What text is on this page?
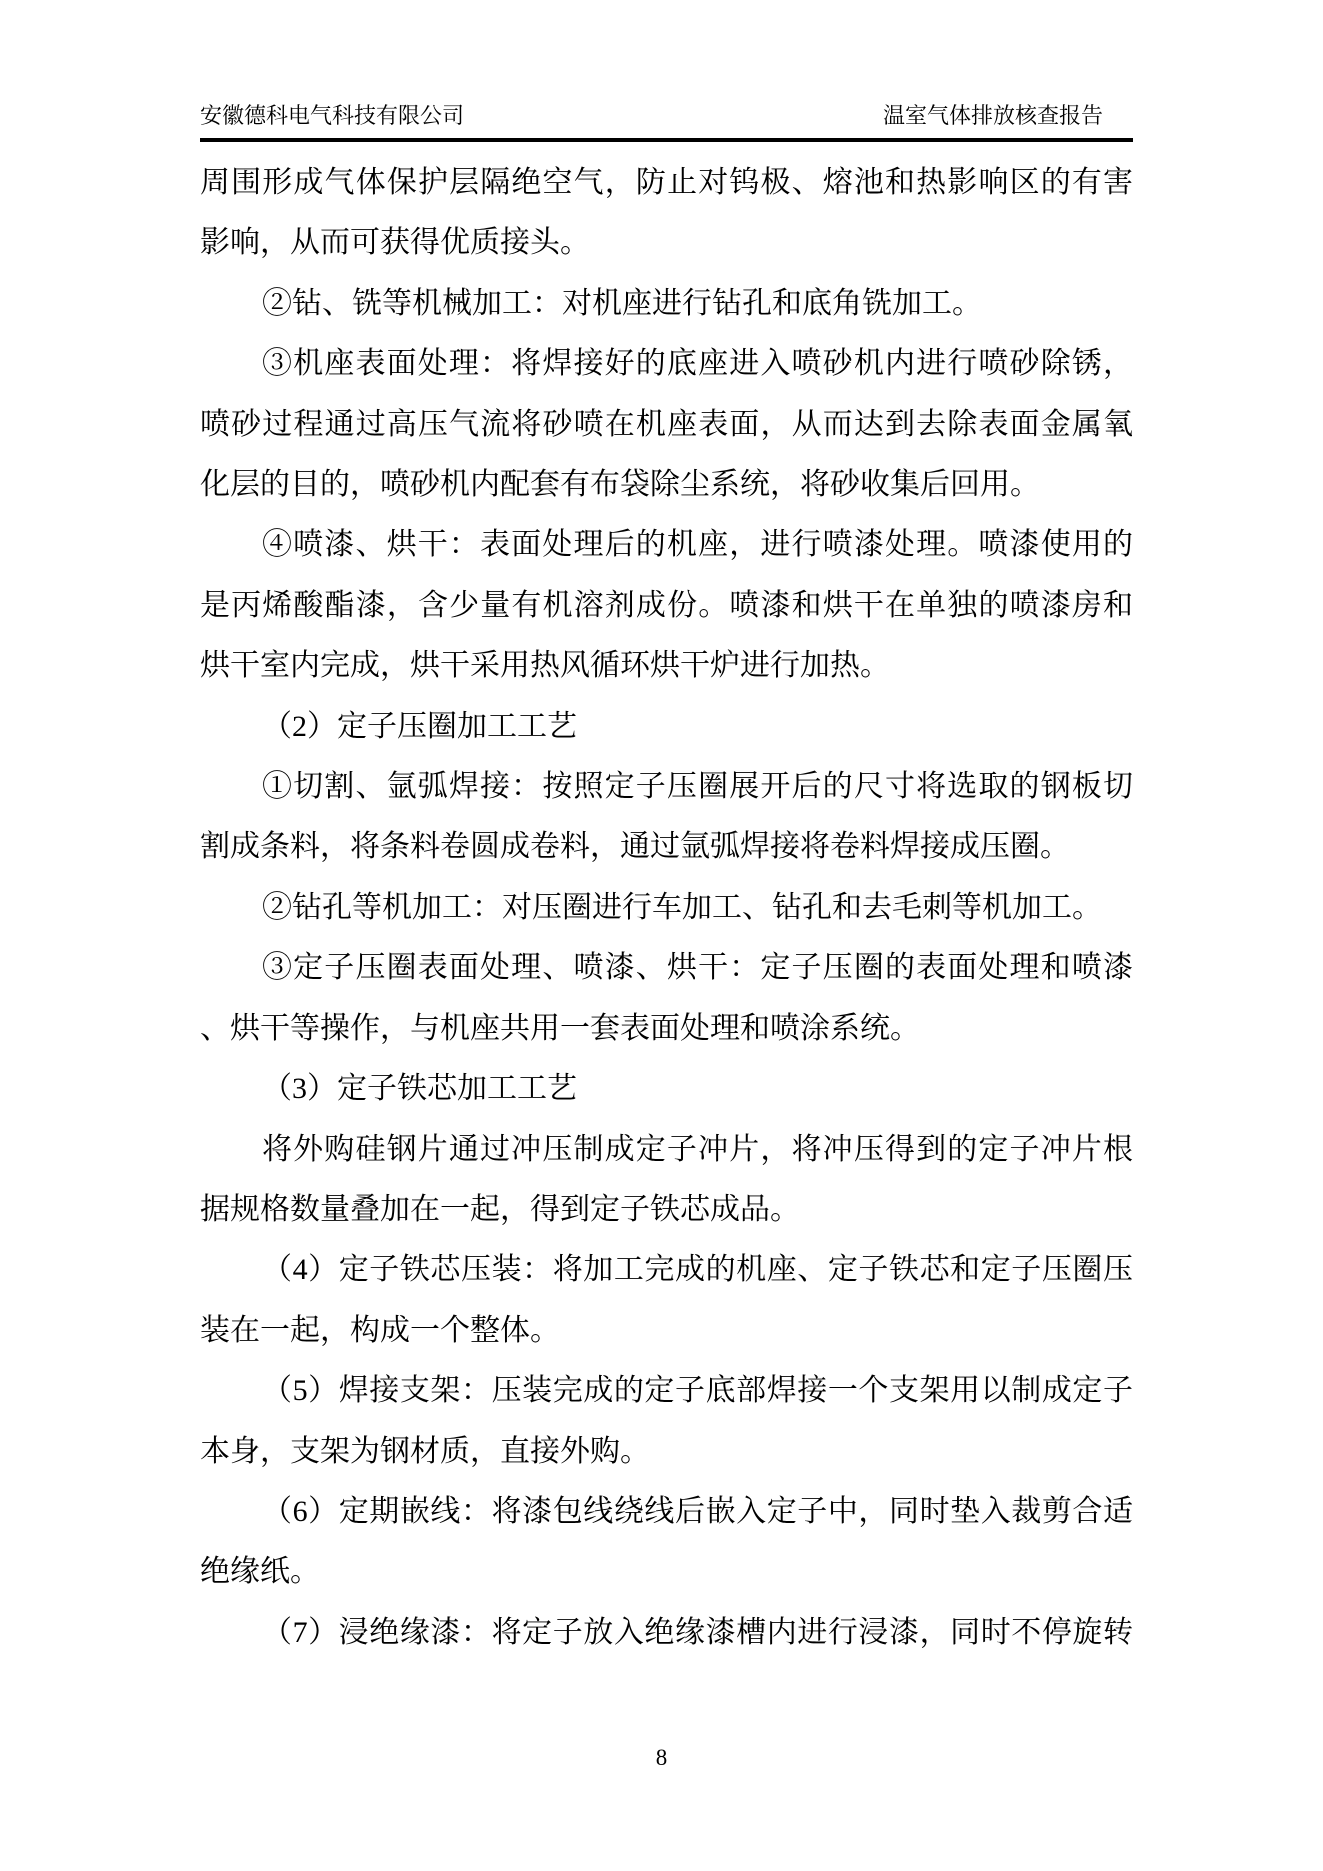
安徽德科电气科技有限公司	温室气体排放核查报告
周围形成气体保护层隔绝空气，防止对钨极、熔池和热影响区的有害
影响，从而可获得优质接头。
②钻、铣等机械加工：对机座进行钻孔和底角铣加工。
③机座表面处理：将焊接好的底座进入喷砂机内进行喷砂除锈，
喷砂过程通过高压气流将砂喷在机座表面，从而达到去除表面金属氧
化层的目的，喷砂机内配套有布袋除尘系统，将砂收集后回用。
④喷漆、烘干：表面处理后的机座，进行喷漆处理。喷漆使用的
是丙烯酸酯漆，含少量有机溶剂成份。喷漆和烘干在单独的喷漆房和
烘干室内完成，烘干采用热风循环烘干炉进行加热。
（2）定子压圈加工工艺
①切割、氩弧焊接：按照定子压圈展开后的尺寸将选取的钢板切
割成条料，将条料卷圆成卷料，通过氩弧焊接将卷料焊接成压圈。
②钻孔等机加工：对压圈进行车加工、钻孔和去毛刺等机加工。
③定子压圈表面处理、喷漆、烘干：定子压圈的表面处理和喷漆
、烘干等操作，与机座共用一套表面处理和喷涂系统。
（3）定子铁芯加工工艺
将外购硅钢片通过冲压制成定子冲片，将冲压得到的定子冲片根
据规格数量叠加在一起，得到定子铁芯成品。
（4）定子铁芯压装：将加工完成的机座、定子铁芯和定子压圈压
装在一起，构成一个整体。
（5）焊接支架：压装完成的定子底部焊接一个支架用以制成定子
本身，支架为钢材质，直接外购。
（6）定期嵌线：将漆包线绕线后嵌入定子中，同时垫入裁剪合适
绝缘纸。
（7）浸绝缘漆：将定子放入绝缘漆槽内进行浸漆，同时不停旋转
8
